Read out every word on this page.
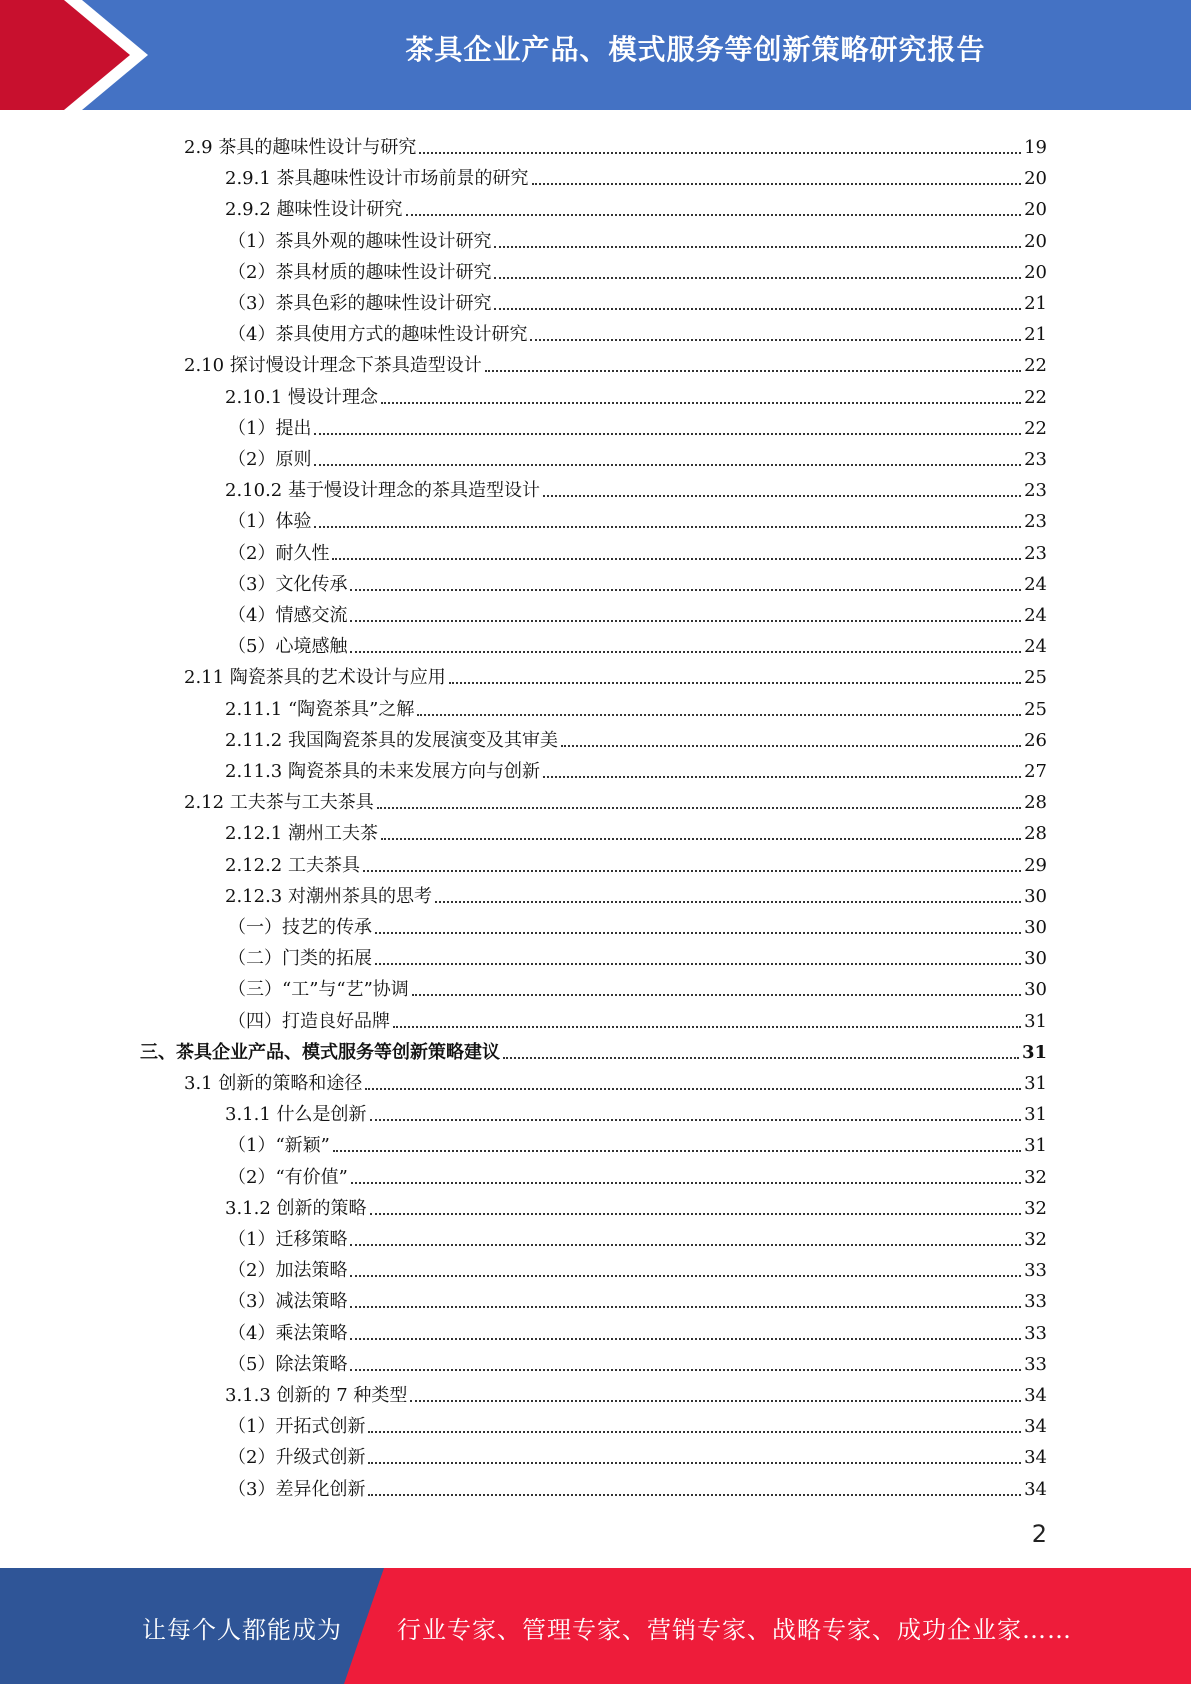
茶具企业产品、模式服务等创新策略研究报告
2.9 茶具的趣味性设计与研究	19
2.9.1 茶具趣味性设计市场前景的研究	20
2.9.2 趣味性设计研究	20
（1）茶具外观的趣味性设计研究	20
（2）茶具材质的趣味性设计研究	20
（3）茶具色彩的趣味性设计研究	21
（4）茶具使用方式的趣味性设计研究	21
2.10 探讨慢设计理念下茶具造型设计	22
2.10.1 慢设计理念	22
（1）提出	22
（2）原则	23
2.10.2 基于慢设计理念的茶具造型设计	23
（1）体验	23
（2）耐久性	23
（3）文化传承	24
（4）情感交流	24
（5）心境感触	24
2.11 陶瓷茶具的艺术设计与应用	25
2.11.1 “陶瓷茶具”之解	25
2.11.2 我国陶瓷茶具的发展演变及其审美	26
2.11.3 陶瓷茶具的未来发展方向与创新	27
2.12 工夫茶与工夫茶具	28
2.12.1 潮州工夫茶	28
2.12.2 工夫茶具	29
2.12.3 对潮州茶具的思考	30
（一）技艺的传承	30
（二）门类的拓展	30
（三）“工”与“艺”协调	30
（四）打造良好品牌	31
三、茶具企业产品、模式服务等创新策略建议	31
3.1 创新的策略和途径	31
3.1.1 什么是创新	31
（1）“新颖”	31
（2）“有价值”	32
3.1.2 创新的策略	32
（1）迁移策略	32
（2）加法策略	33
（3）减法策略	33
（4）乘法策略	33
（5）除法策略	33
3.1.3 创新的 7 种类型	34
（1）开拓式创新	34
（2）升级式创新	34
（3）差异化创新	34
2
让每个人都能成为 行业专家、管理专家、营销专家、战略专家、成功企业家……
